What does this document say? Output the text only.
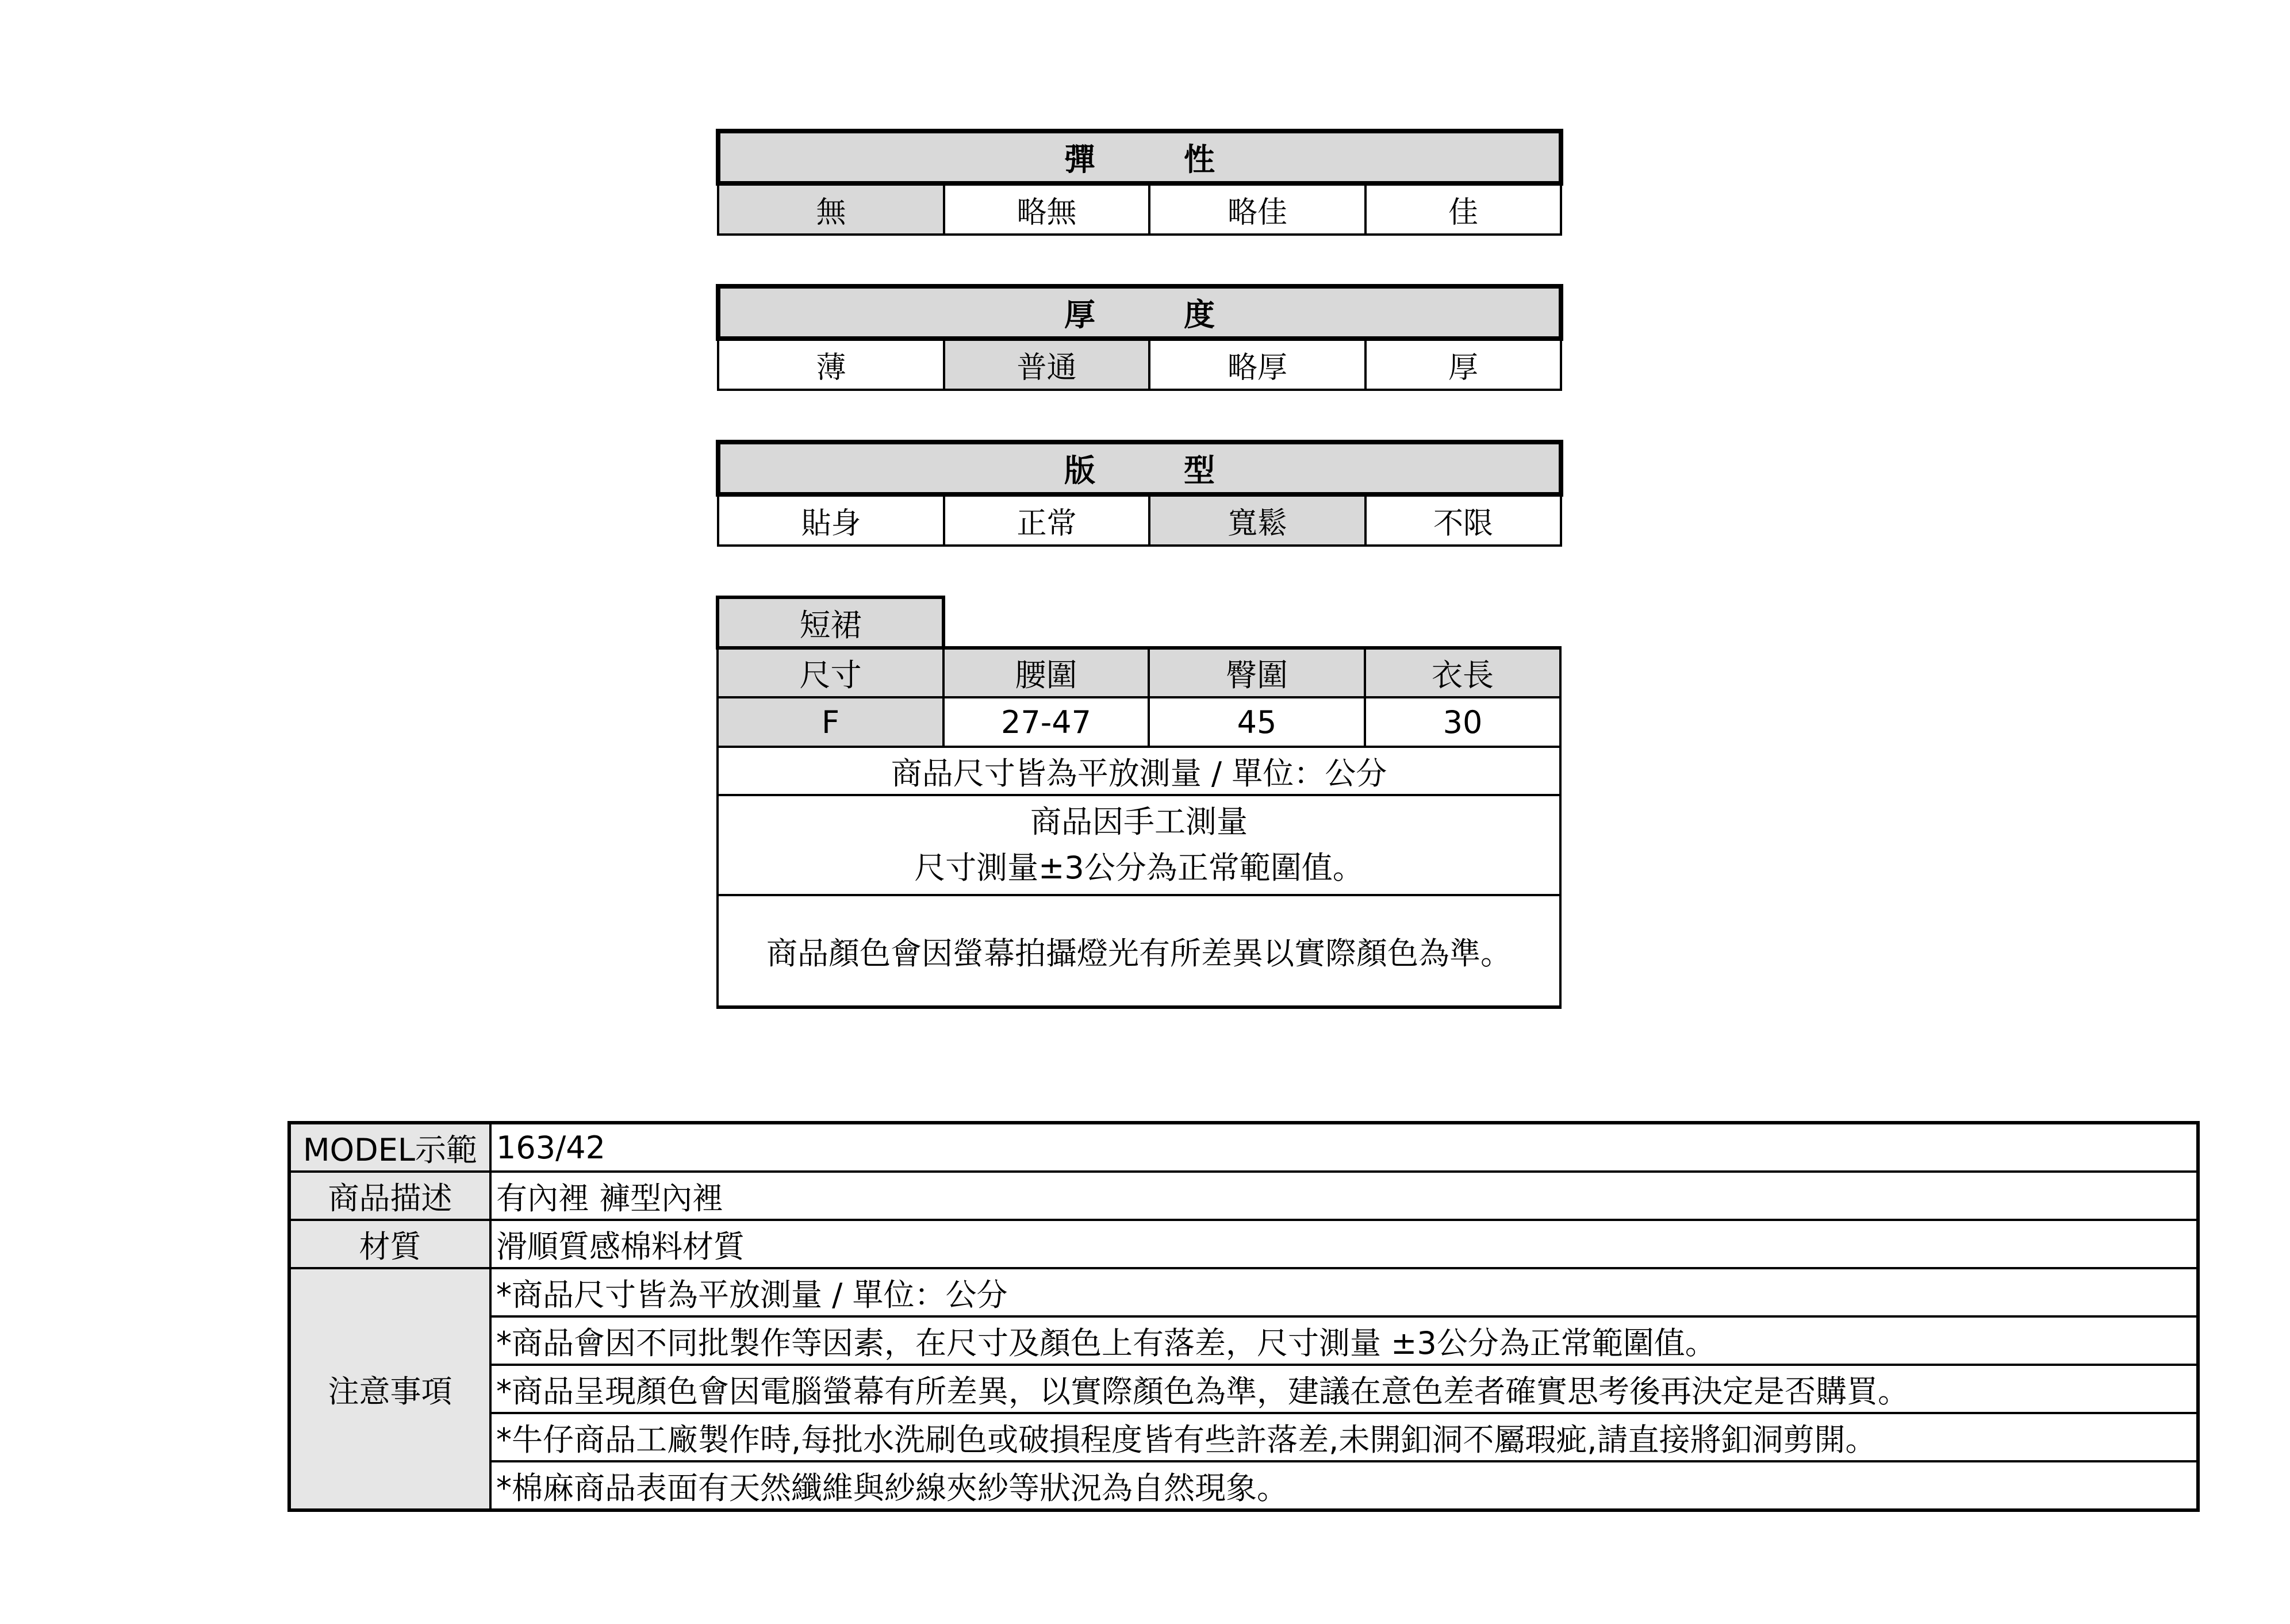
彈　性
無	略無	略佳	佳
厚　度
薄	普通	略厚	厚
版　型
貼身	正常	寬鬆	不限
短裙			
尺寸	腰圍	臀圍	衣長
F	27-47	45	30
商品尺寸皆為平放測量 / 單位：公分			

商品因手工測量
尺寸測量±3公分為正常範圍值。			

商品顏色會因螢幕拍攝燈光有所差異以實際顏色為準。			
MODEL示範	163/42
商品描述	有內裡 褲型內裡
材質	滑順質感棉料材質
注意事項	*商品尺寸皆為平放測量 / 單位：公分
	*商品會因不同批製作等因素，在尺寸及顏色上有落差，尺寸測量 ±3公分為正常範圍值。
	*商品呈現顏色會因電腦螢幕有所差異，以實際顏色為準，建議在意色差者確實思考後再決定是否購買。
	*牛仔商品工廠製作時,每批水洗刷色或破損程度皆有些許落差,未開釦洞不屬瑕疵,請直接將釦洞剪開。
	*棉麻商品表面有天然纖維與紗線夾紗等狀況為自然現象。
